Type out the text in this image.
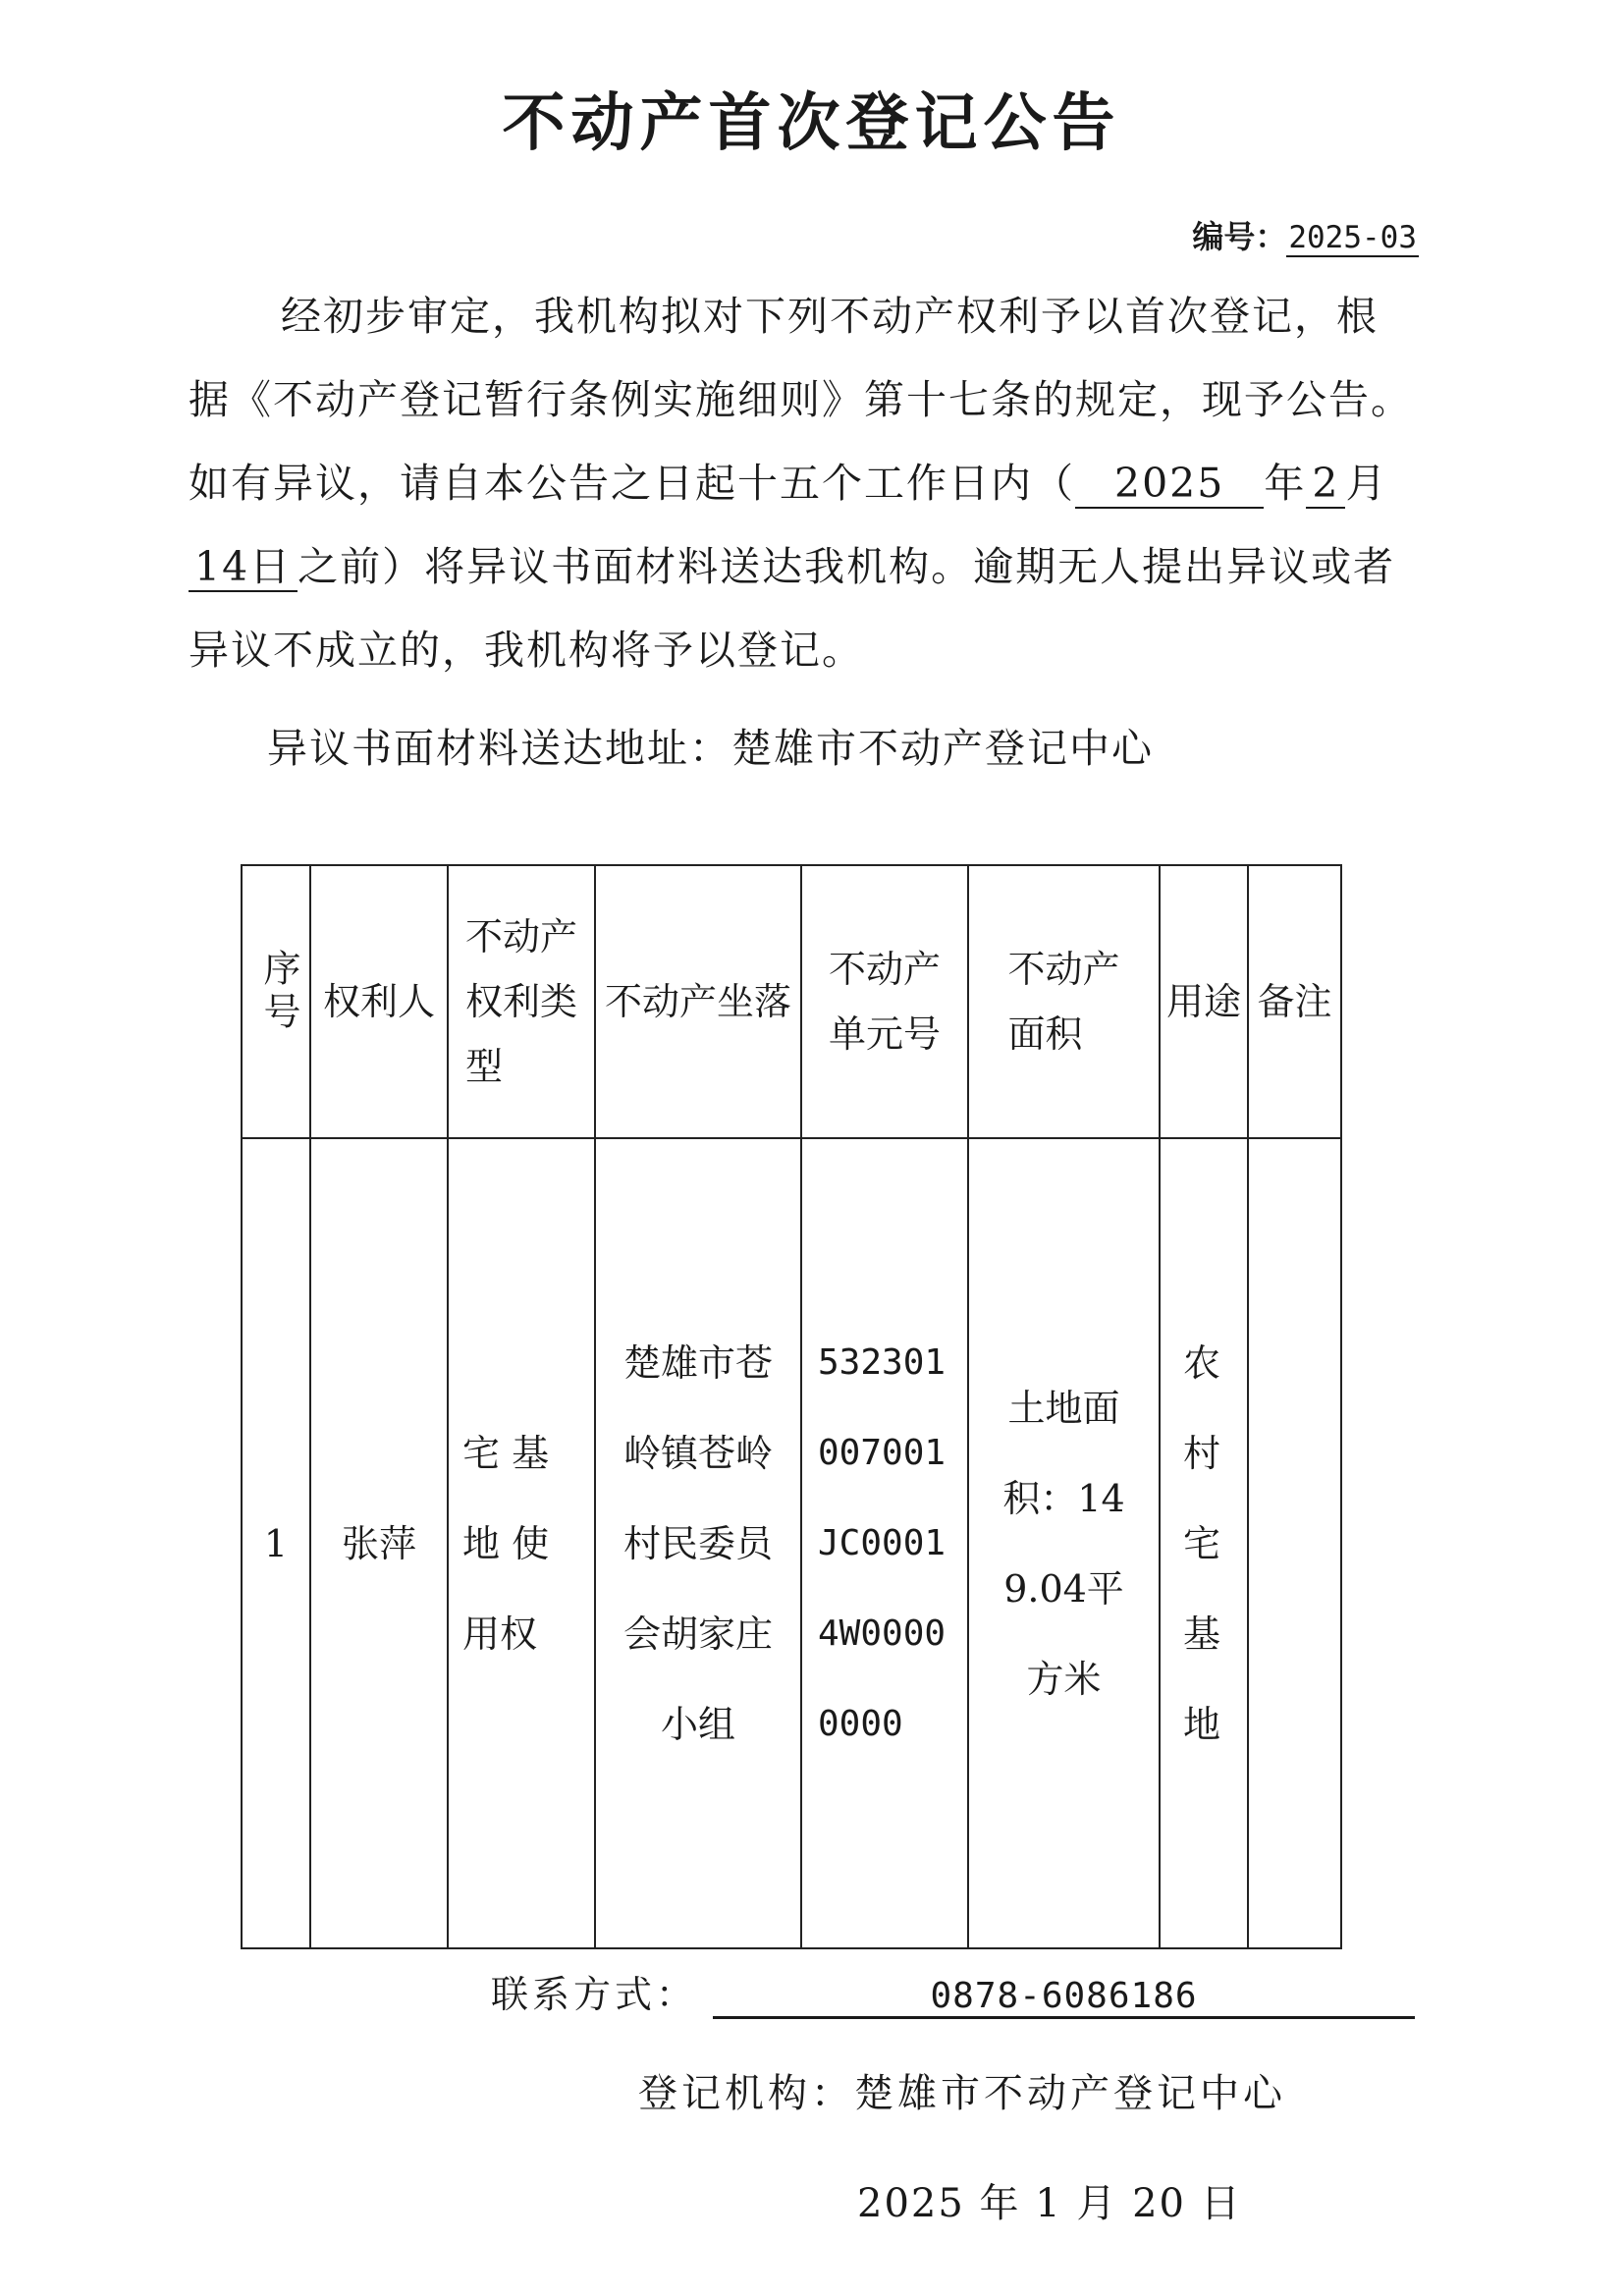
不动产首次登记公告
编号：2025-03

经初步审定，我机构拟对下列不动产权利予以首次登记，根据《不动产登记暂行条例实施细则》第十七条的规定，现予公告。如有异议，请自本公告之日起十五个工作日内（ 2025 年 2 月14日 之前）将异议书面材料送达我机构。逾期无人提出异议或者异议不成立的，我机构将予以登记。

异议书面材料送达地址：楚雄市不动产登记中心

序号	权利人	不动产权利类型	不动产坐落	不动产单元号	不动产面积	用途	备注
1	张萍	宅 基 地 使 用权	楚雄市苍岭镇苍岭村民委员会胡家庄小组	532301007001JC00014W00000000	土地面积：149.04平方米	农村宅基地	
联系方式：	0878-6086186
登记机构：楚雄市不动产登记中心
2025 年 1 月 20 日
